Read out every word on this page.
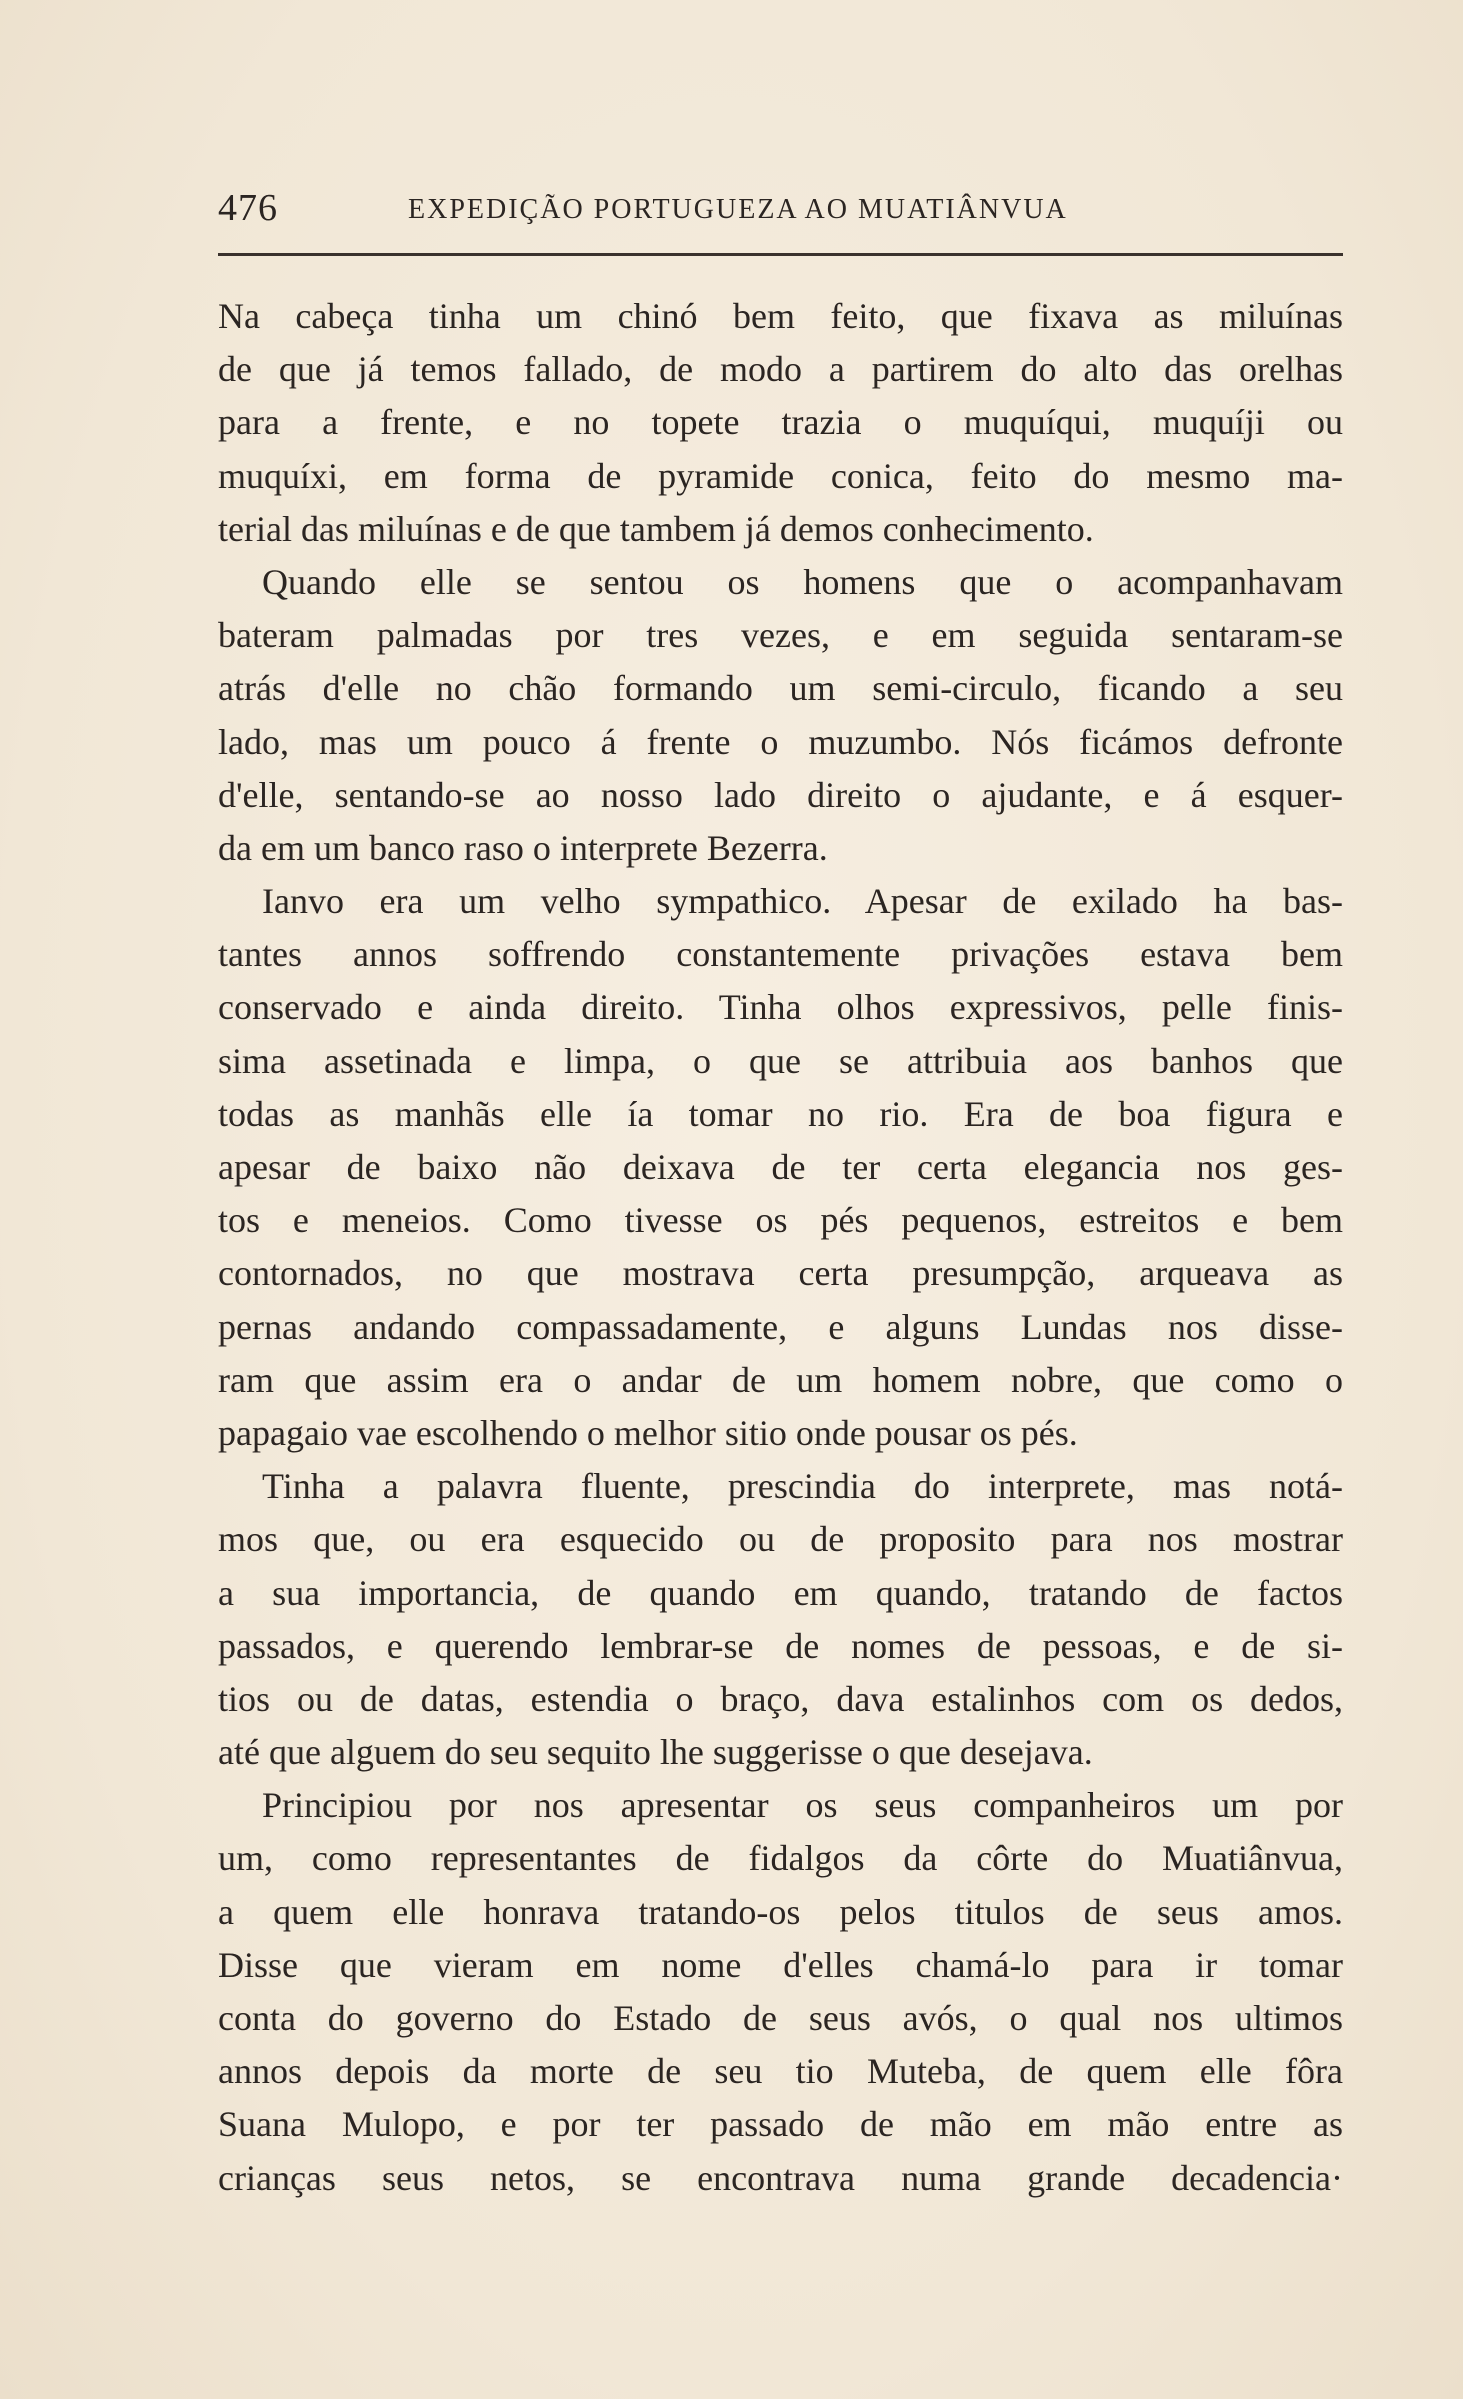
476	EXPEDIÇÃO PORTUGUEZA AO MUATIÂNVUA
Na cabeça tinha um chinó bem feito, que fixava as miluínas
de que já temos fallado, de modo a partirem do alto das orelhas
para a frente, e no topete trazia o muquíqui, muquíji ou
muquíxi, em forma de pyramide conica, feito do mesmo ma-
terial das miluínas e de que tambem já demos conhecimento.
Quando elle se sentou os homens que o acompanhavam
bateram palmadas por tres vezes, e em seguida sentaram-se
atrás d'elle no chão formando um semi-circulo, ficando a seu
lado, mas um pouco á frente o muzumbo. Nós ficámos defronte
d'elle, sentando-se ao nosso lado direito o ajudante, e á esquer-
da em um banco raso o interprete Bezerra.
Ianvo era um velho sympathico. Apesar de exilado ha bas-
tantes annos soffrendo constantemente privações estava bem
conservado e ainda direito. Tinha olhos expressivos, pelle finis-
sima assetinada e limpa, o que se attribuia aos banhos que
todas as manhãs elle ía tomar no rio. Era de boa figura e
apesar de baixo não deixava de ter certa elegancia nos ges-
tos e meneios. Como tivesse os pés pequenos, estreitos e bem
contornados, no que mostrava certa presumpção, arqueava as
pernas andando compassadamente, e alguns Lundas nos disse-
ram que assim era o andar de um homem nobre, que como o
papagaio vae escolhendo o melhor sitio onde pousar os pés.
Tinha a palavra fluente, prescindia do interprete, mas notá-
mos que, ou era esquecido ou de proposito para nos mostrar
a sua importancia, de quando em quando, tratando de factos
passados, e querendo lembrar-se de nomes de pessoas, e de si-
tios ou de datas, estendia o braço, dava estalinhos com os dedos,
até que alguem do seu sequito lhe suggerisse o que desejava.
Principiou por nos apresentar os seus companheiros um por
um, como representantes de fidalgos da côrte do Muatiânvua,
a quem elle honrava tratando-os pelos titulos de seus amos.
Disse que vieram em nome d'elles chamá-lo para ir tomar
conta do governo do Estado de seus avós, o qual nos ultimos
annos depois da morte de seu tio Muteba, de quem elle fôra
Suana Mulopo, e por ter passado de mão em mão entre as
crianças seus netos, se encontrava numa grande decadencia·
